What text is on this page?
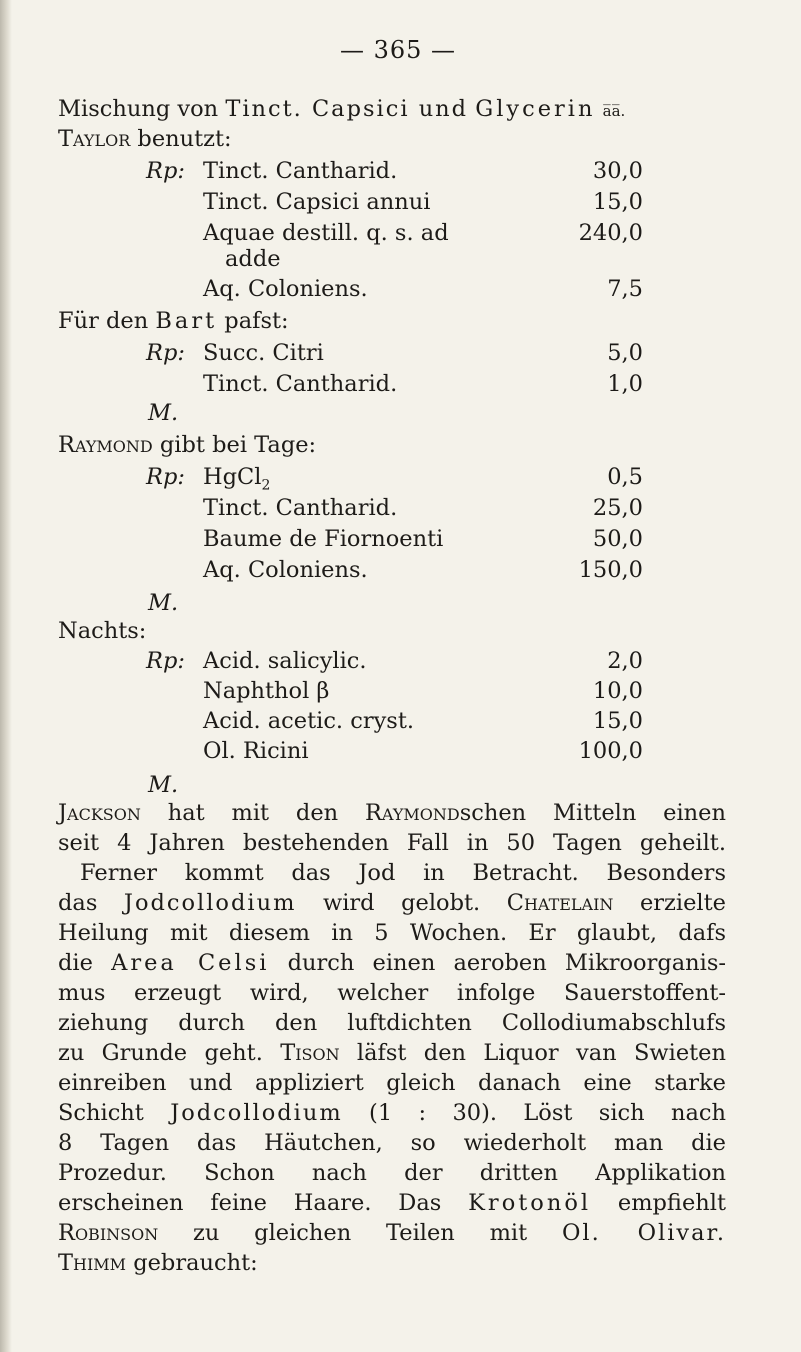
— 365 —
Mischung von Tinct. Capsici und Glycerin a̅a̅.
Taylor benutzt:
Rp: Tinct. Cantharid.	30,0
Tinct. Capsici annui	15,0
Aquae destill. q. s. ad	240,0
adde
Aq. Coloniens.	7,5
Für den Bart pafst:
Rp: Succ. Citri	5,0
Tinct. Cantharid.	1,0
M.
Raymond gibt bei Tage:
Rp: HgCl$_2$	0,5
Tinct. Cantharid.	25,0
Baume de Fiornoenti	50,0
Aq. Coloniens.	150,0
M.
Nachts:
Rp: Acid. salicylic.	2,0
Naphthol β	10,0
Acid. acetic. cryst.	15,0
Ol. Ricini	100,0
M.
Jackson hat mit den Raymondschen Mitteln einen
seit 4 Jahren bestehenden Fall in 50 Tagen geheilt.
Ferner kommt das Jod in Betracht. Besonders
das Jodcollodium wird gelobt. Chatelain erzielte
Heilung mit diesem in 5 Wochen. Er glaubt, dafs
die Area Celsi durch einen aeroben Mikroorganis-
mus erzeugt wird, welcher infolge Sauerstoffent-
ziehung durch den luftdichten Collodiumabschlufs
zu Grunde geht. Tison läfst den Liquor van Swieten
einreiben und appliziert gleich danach eine starke
Schicht Jodcollodium (1 : 30). Löst sich nach
8 Tagen das Häutchen, so wiederholt man die
Prozedur. Schon nach der dritten Applikation
erscheinen feine Haare. Das Krotonöl empfiehlt
Robinson zu gleichen Teilen mit Ol. Olivar.
Thimm gebraucht:
